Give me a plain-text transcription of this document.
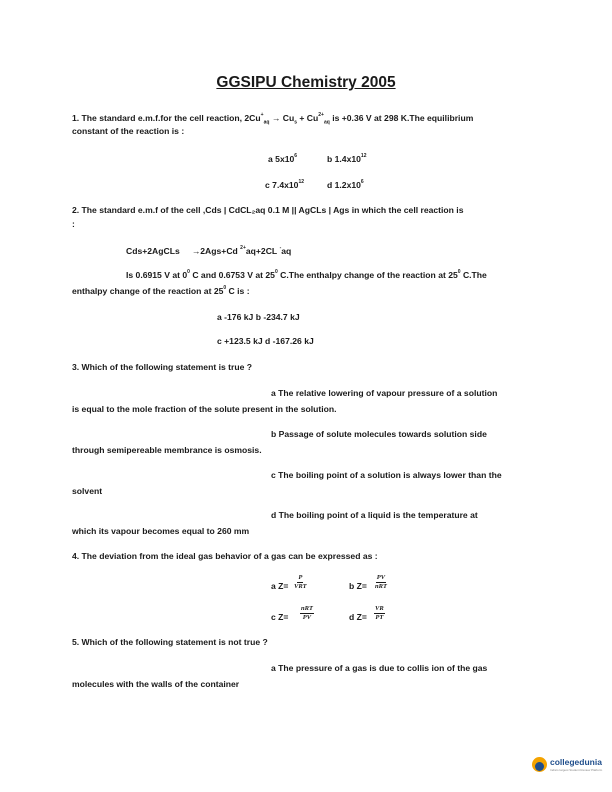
GGSIPU Chemistry 2005
1. The standard e.m.f.for the cell reaction, $2Cu^+_{aq} \to Cu_s + Cu^{2+}_{aq}$ is +0.36 V at 298 K.The equilibrium
constant of the reaction is :
a $5x10^6$	b $1.4x10^{12}$
c $7.4x10^{12}$	d $1.2x10^6$
2. The standard e.m.f of the cell ,Cds | CdCL₂aq 0.1 M || AgCLs | Ags in which the cell reaction is
:
Cds+2AgCLs →2Ags+Cd $^{2+}$aq+2CL -aq
Is 0.6915 V at $0^0$ C and 0.6753 V at $25^0$ C.The enthalpy change of the reaction at $25^0$ C.The
enthalpy change of the reaction at $25^0$ C is :
a -176 kJ b -234.7 kJ
c +123.5 kJ d -167.26 kJ
3. Which of the following statement is true ?
a The relative lowering of vapour pressure of a solution
is equal to the mole fraction of the solute present in the solution.
b Passage of solute molecules towards solution side
through semipereable membrance is osmosis.
c The boiling point of a solution is always lower than the
solvent
d The boiling point of a liquid is the temperature at
which its vapour becomes equal to 260 mm
4. The deviation from the ideal gas behavior of a gas can be expressed as :
a Z=
P
VRT	b Z=
PV
nRT
c Z=
nRT
PV	d $Z= \frac{VR}{PT}$
5. Which of the following statement is not true ?
a The pressure of a gas is due to collis ion of the gas
molecules with the walls of the container
collegedunia
India's largest Student Review Platform
